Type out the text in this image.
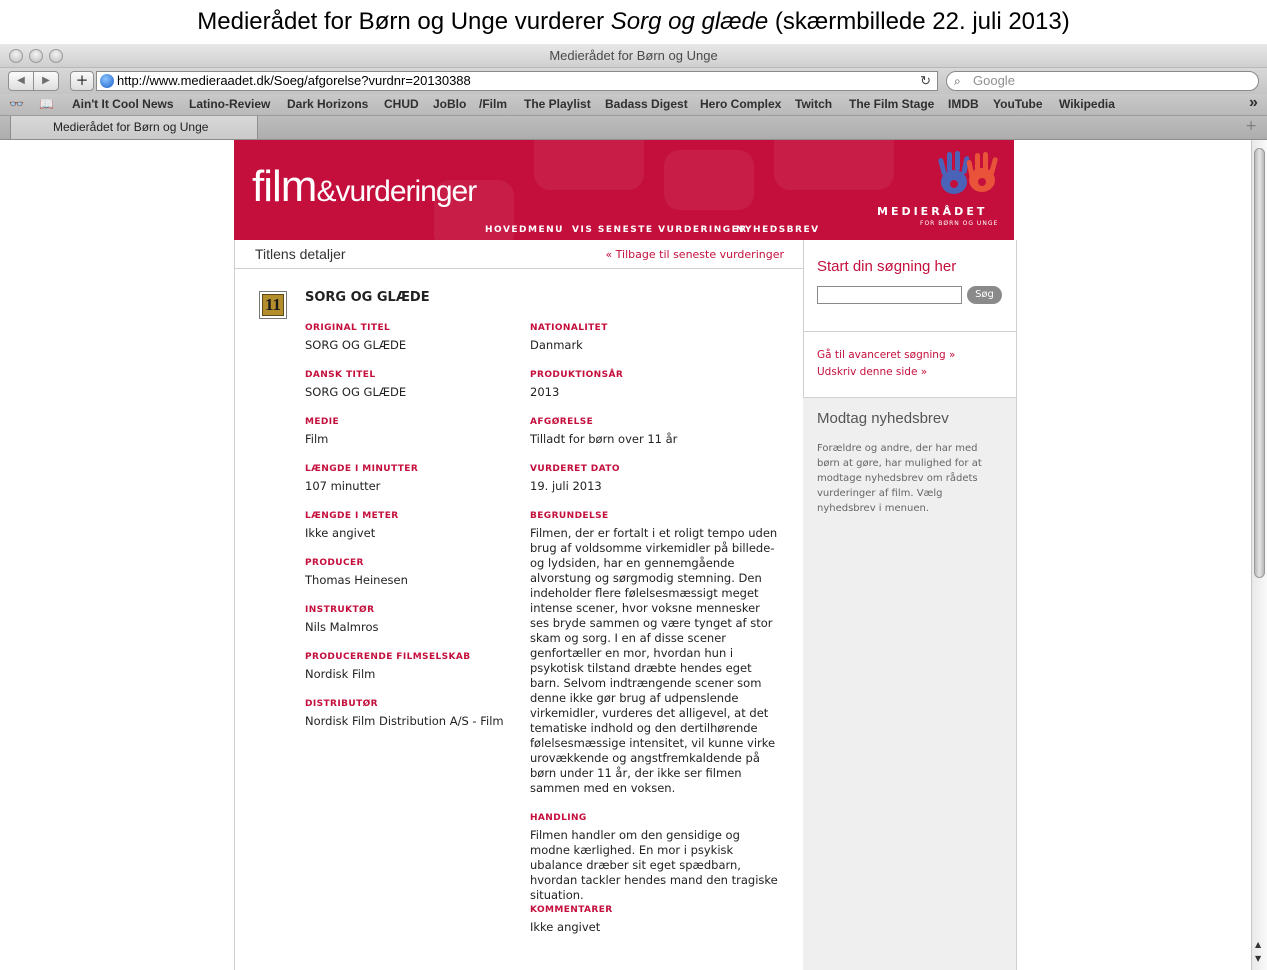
Medierådet for Børn og Unge vurderer Sorg og glæde (skærmbillede 22. juli 2013)
Medierådet for Børn og Unge
◀	▶	+	http://www.medieraadet.dk/Soeg/afgorelse?vurdnr=20130388	↻ ⌕ Google
👓 📖 Ain't It Cool News Latino-Review Dark Horizons CHUD JoBlo /Film The Playlist Badass Digest Hero Complex Twitch The Film Stage IMDB YouTube Wikipedia	»
Medierådet for Børn og Unge	+
film&vurderinger
MEDIERÅDET
FOR BØRN OG UNGE
HOVEDMENU VIS SENESTE VURDERINGER
NYHEDSBREV
Titlens detaljer	« Tilbage til seneste vurderinger
11 SORG OG GLÆDE
ORIGINAL TITEL
SORG OG GLÆDE
DANSK TITEL
SORG OG GLÆDE
MEDIE
Film
LÆNGDE I MINUTTER
107 minutter
LÆNGDE I METER
Ikke angivet
PRODUCER
Thomas Heinesen
INSTRUKTØR
Nils Malmros
PRODUCERENDE FILMSELSKAB
Nordisk Film
DISTRIBUTØR
Nordisk Film Distribution A/S - Film
NATIONALITET
Danmark
PRODUKTIONSÅR
2013
AFGØRELSE
Tilladt for børn over 11 år
VURDERET DATO
19. juli 2013
BEGRUNDELSE
Filmen, der er fortalt i et roligt tempo uden brug af voldsomme virkemidler på billede- og lydsiden, har en gennemgående alvorstung og sørgmodig stemning. Den indeholder flere følelsesmæssigt meget intense scener, hvor voksne mennesker ses bryde sammen og være tynget af stor skam og sorg. I en af disse scener genfortæller en mor, hvordan hun i psykotisk tilstand dræbte hendes eget barn. Selvom indtrængende scener som denne ikke gør brug af udpenslende virkemidler, vurderes det alligevel, at det tematiske indhold og den dertilhørende følelsesmæssige intensitet, vil kunne virke urovækkende og angstfremkaldende på børn under 11 år, der ikke ser filmen sammen med en voksen.
HANDLING
Filmen handler om den gensidige og modne kærlighed. En mor i psykisk ubalance dræber sit eget spædbarn, hvordan tackler hendes mand den tragiske situation.
KOMMENTARER
Ikke angivet
Start din søgning her
Søg
Gå til avanceret søgning »
Udskriv denne side »
Modtag nyhedsbrev
Forældre og andre, der har med børn at gøre, har mulighed for at modtage nyhedsbrev om rådets vurderinger af film. Vælg nyhedsbrev i menuen.
▲
▼
